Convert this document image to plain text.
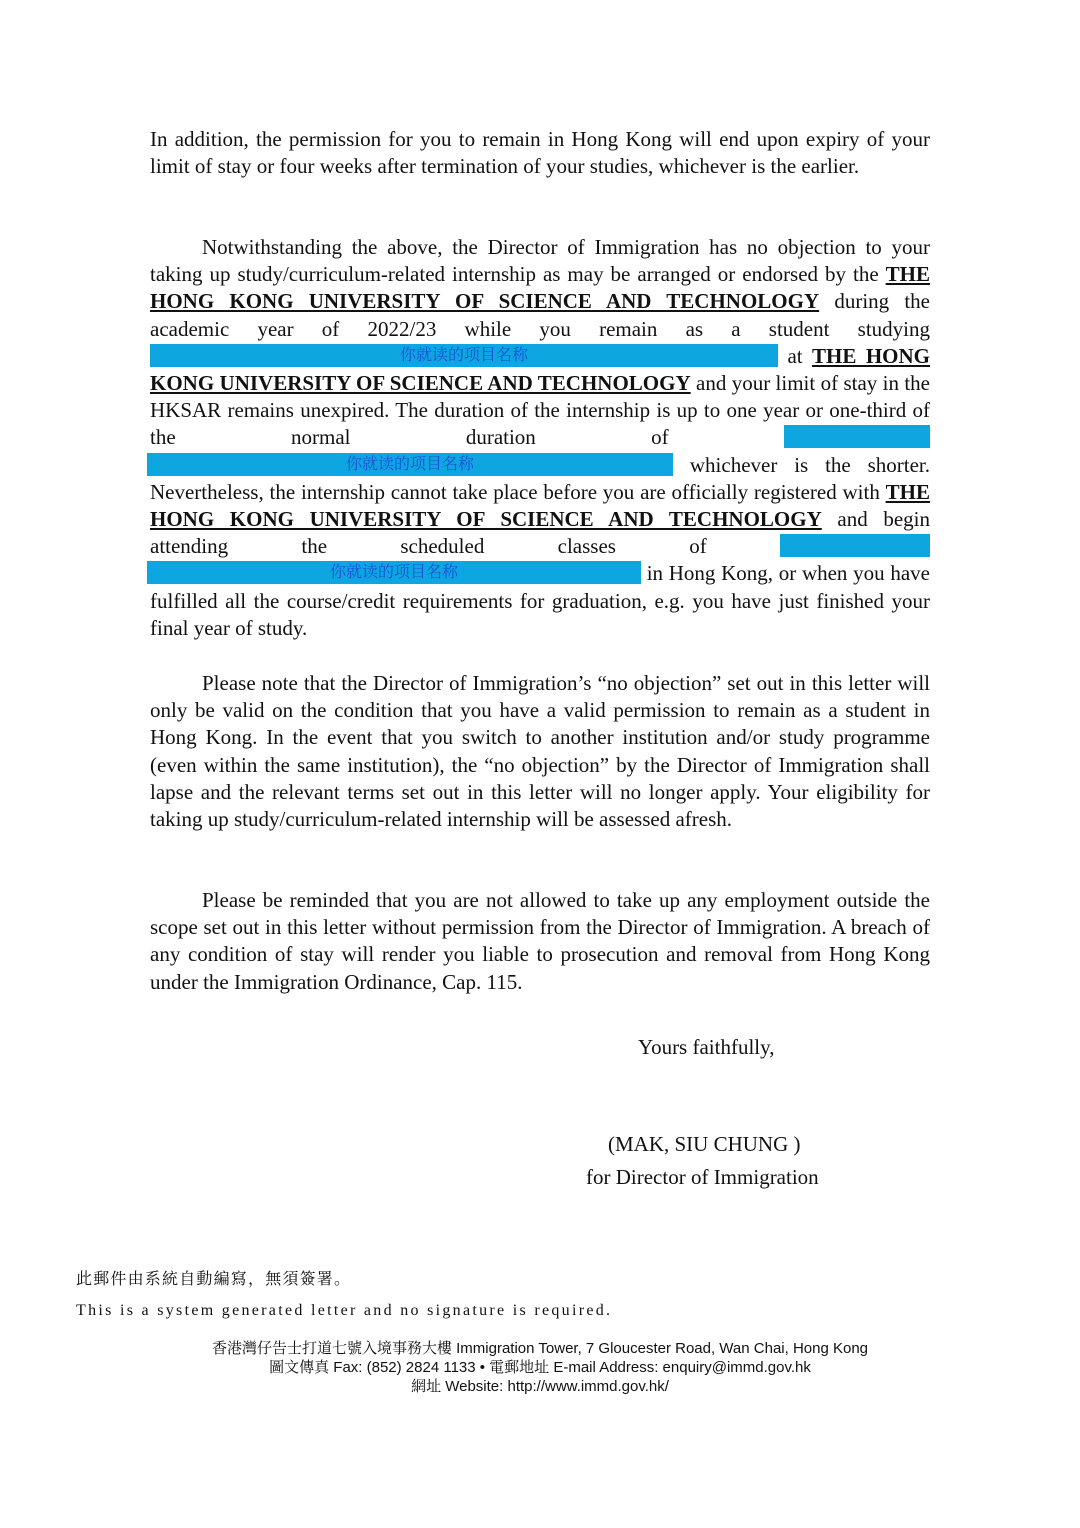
In addition, the permission for you to remain in Hong Kong will end upon expiry of your limit of stay or four weeks after termination of your studies, whichever is the earlier.

Notwithstanding the above, the Director of Immigration has no objection to your taking up study/curriculum-related internship as may be arranged or endorsed by the THE HONG KONG UNIVERSITY OF SCIENCE AND TECHNOLOGY during the academic year of 2022/23 while you remain as a student studying 你就读的项目名称	at THE HONG KONG UNIVERSITY OF SCIENCE AND TECHNOLOGY and your limit of stay in the HKSAR remains unexpired. The duration of the internship is up to one year or one-third of the normal duration of  你就读的项目名称	whichever is the shorter. Nevertheless, the internship cannot take place before you are officially registered with THE HONG KONG UNIVERSITY OF SCIENCE AND TECHNOLOGY and begin attending the scheduled classes of  你就读的项目名称	in Hong Kong, or when you have fulfilled all the course/credit requirements for graduation, e.g. you have just finished your final year of study.

Please note that the Director of Immigration’s “no objection” set out in this letter will only be valid on the condition that you have a valid permission to remain as a student in Hong Kong. In the event that you switch to another institution and/or study programme (even within the same institution), the “no objection” by the Director of Immigration shall lapse and the relevant terms set out in this letter will no longer apply. Your eligibility for taking up study/curriculum-related internship will be assessed afresh.

Please be reminded that you are not allowed to take up any employment outside the scope set out in this letter without permission from the Director of Immigration. A breach of any condition of stay will render you liable to prosecution and removal from Hong Kong under the Immigration Ordinance, Cap. 115.

Yours faithfully,
(MAK, SIU CHUNG )
for Director of Immigration
此郵件由系統自動編寫，無須簽署。
This is a system generated letter and no signature is required.
香港灣仔告士打道七號入境事務大樓 Immigration Tower, 7 Gloucester Road, Wan Chai, Hong Kong
圖文傳真 Fax: (852) 2824 1133 • 電郵地址 E-mail Address: enquiry@immd.gov.hk
網址 Website: http://www.immd.gov.hk/
